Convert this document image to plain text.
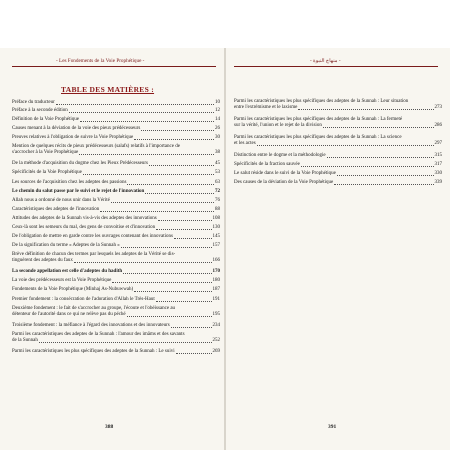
- Les Fondements de la Voie Prophétique -
TABLE DES MATIÈRES :
Préface du traducteur	10
Préface à la seconde édition	12
Définition de la Voie Prophétique	14
Causes menant à la déviation de la voie des pieux prédécesseurs	26
Preuves relatives à l'obligation de suivre la Voie Prophétique	30
Mention de quelques récits de pieux prédécesseurs (salafs) relatifs à l'importance de
s'accrocher à la Voie Prophétique	38
De la méthode d'acquisition du dogme chez les Pieux Prédécesseurs	45
Spécificités de la Voie Prophétique	53
Les sources de l'acquisition chez les adeptes des passions	63
Le chemin du salut passe par le suivi et le rejet de l'innovation	72
Allah nous a ordonné de nous unir dans la Vérité	76
Caractéristiques des adeptes de l'innovation	88
Attitudes des adeptes de la Sunnah vis-à-vis des adeptes des innovations	108
Ceux-là sont les semeurs du mal, des gens de convoitise et d'innovation	130
De l'obligation de mettre en garde contre les ouvrages contenant des innovations	145
De la signification du terme « Adeptes de la Sunnah »	157
Brève définition de chacun des termes par lesquels les adeptes de la Vérité se dis-
tinguèrent des adeptes du faux	166
La seconde appellation est celle d'adeptes du hadith	170
La voie des prédécesseurs est la Voie Prophétique	180
Fondements de la Voie Prophétique (Minhaj As-Nubuwwah)	187
Premier fondement : la consécration de l'adoration d'Allah le Très-Haut	191
Deuxième fondement : le fait de s'accrocher au groupe, l'écoute et l'obéissance au
détenteur de l'autorité dans ce qui ne relève pas du péché	195
Troisième fondement : la méfiance à l'égard des innovations et des innovateurs	234
Parmi les caractéristiques des adeptes de la Sunnah : l'amour des imâms et des savants
de la Sunnah	252
Parmi les caractéristiques les plus spécifiques des adeptes de la Sunnah : Le suivi	269
388
- منهاج النبوة -
Parmi les caractéristiques les plus spécifiques des adeptes de la Sunnah : Leur situation
entre l'extrémisme et le laxisme	273
Parmi les caractéristiques les plus spécifiques des adeptes de la Sunnah : La fermeté
sur la vérité, l'union et le rejet de la division	286
Parmi les caractéristiques les plus spécifiques des adeptes de la Sunnah : La science
et les actes	297
Distinction entre le dogme et la méthodologie	315
Spécificités de la fraction sauvée	317
Le salut réside dans le suivi de la Voie Prophétique	330
Des causes de la déviation de la Voie Prophétique	339
391
